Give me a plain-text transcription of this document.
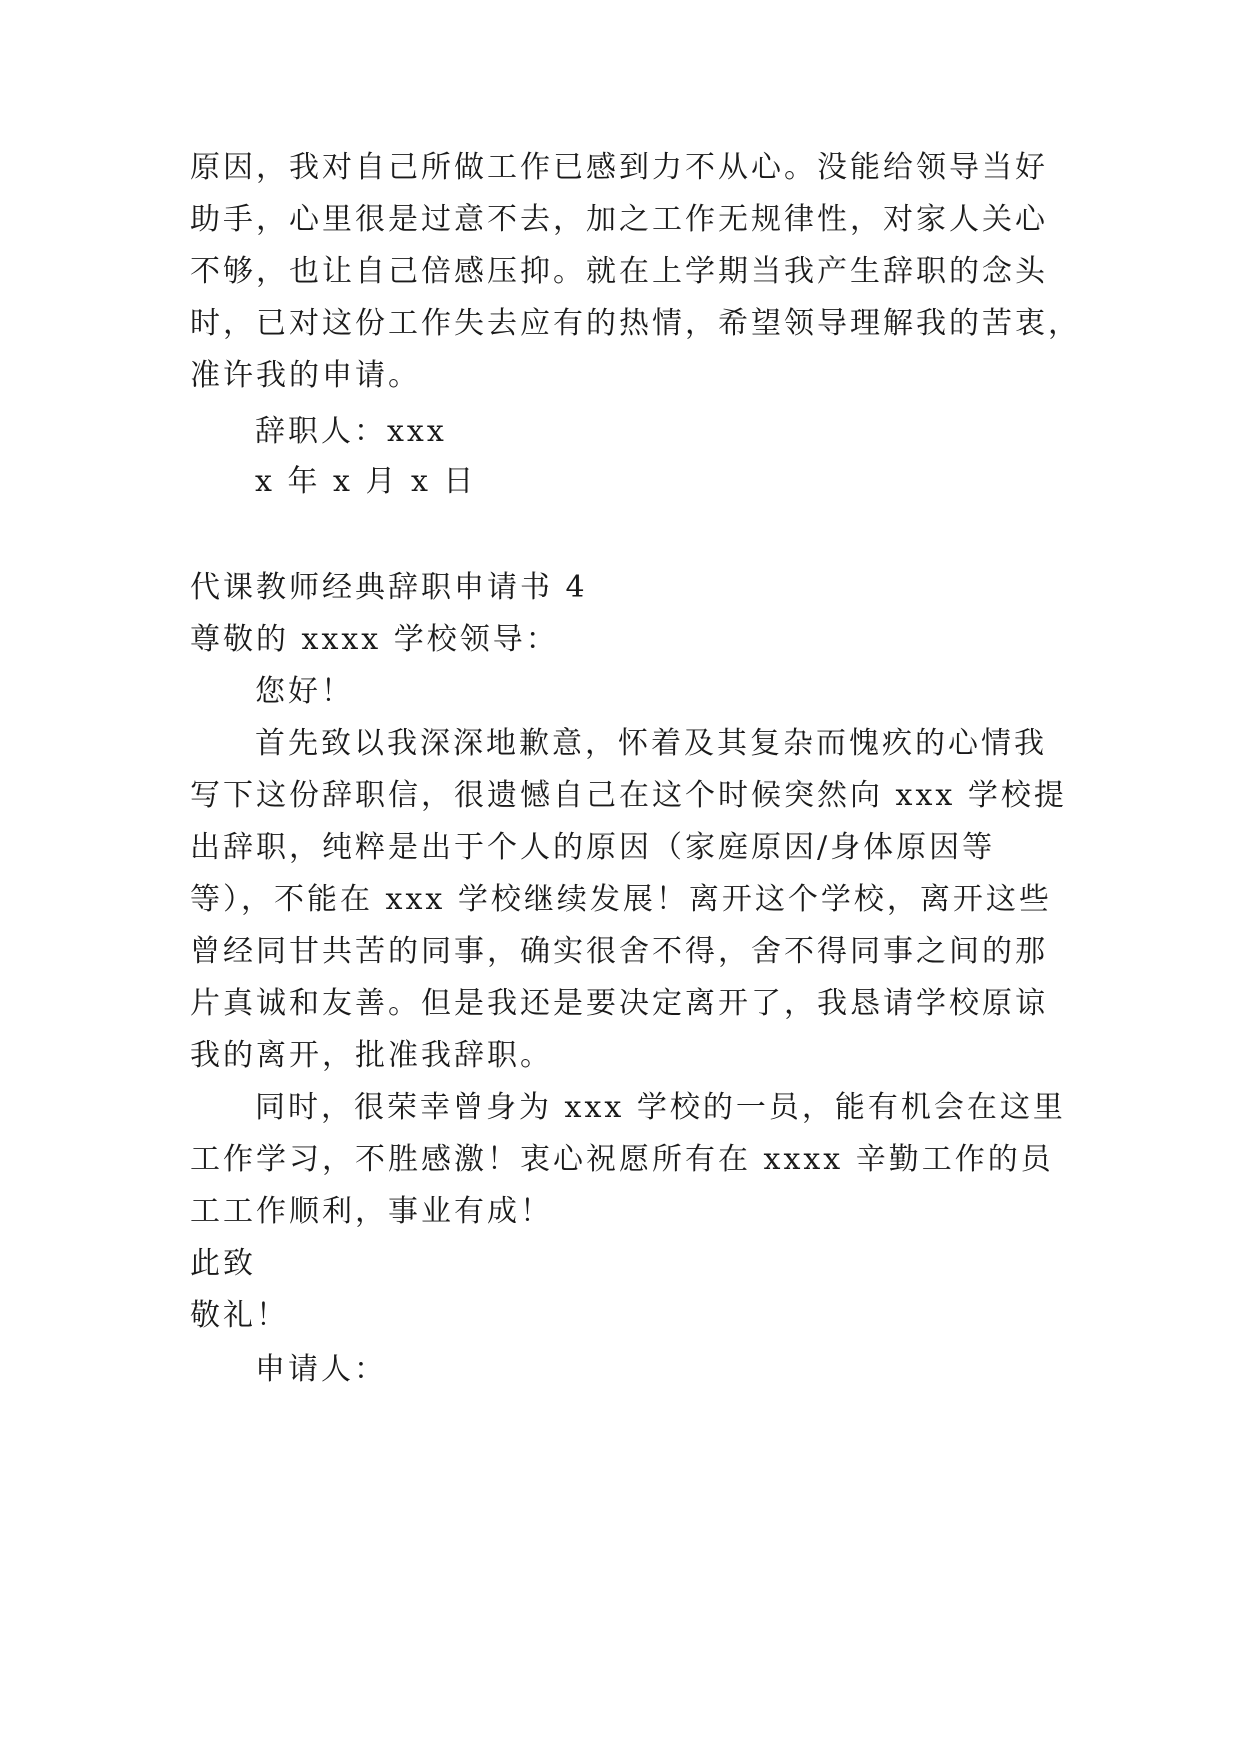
原因，我对自己所做工作已感到力不从心。没能给领导当好
助手，心里很是过意不去，加之工作无规律性，对家人关心
不够，也让自己倍感压抑。就在上学期当我产生辞职的念头
时，已对这份工作失去应有的热情，希望领导理解我的苦衷，
准许我的申请。
辞职人：xxx
x 年 x 月 x 日
代课教师经典辞职申请书 4
尊敬的 xxxx 学校领导：
您好！
首先致以我深深地歉意，怀着及其复杂而愧疚的心情我
写下这份辞职信，很遗憾自己在这个时候突然向 xxx 学校提
出辞职，纯粹是出于个人的原因（家庭原因/身体原因等
等），不能在 xxx 学校继续发展！离开这个学校，离开这些
曾经同甘共苦的同事，确实很舍不得，舍不得同事之间的那
片真诚和友善。但是我还是要决定离开了，我恳请学校原谅
我的离开，批准我辞职。
同时，很荣幸曾身为 xxx 学校的一员，能有机会在这里
工作学习，不胜感激！衷心祝愿所有在 xxxx 辛勤工作的员
工工作顺利，事业有成！
此致
敬礼！
申请人：
